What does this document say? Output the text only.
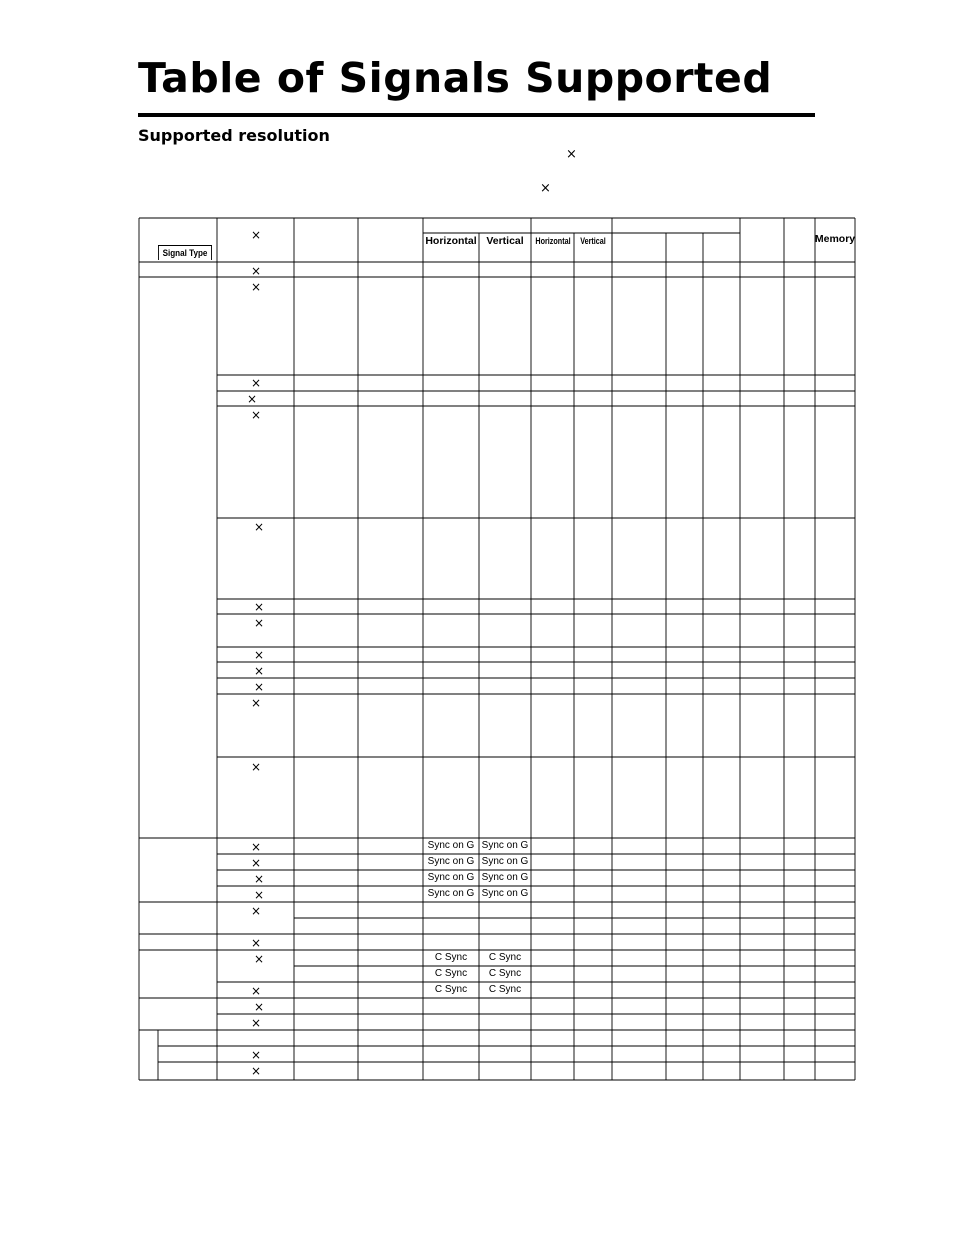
Table of Signals Supported
Supported resolution
×
×
Signal Type
Horizontal Vertical Horizontal Vertical	Memory
×
×
×
×
×
×
×
×
×
×
×
×
×
×
×
×
×
×
×
×
×
×
×
×
×
×
Sync on G Sync on G
Sync on G Sync on G
Sync on G Sync on G
Sync on G Sync on G
C Sync C Sync
C Sync C Sync
C Sync C Sync
